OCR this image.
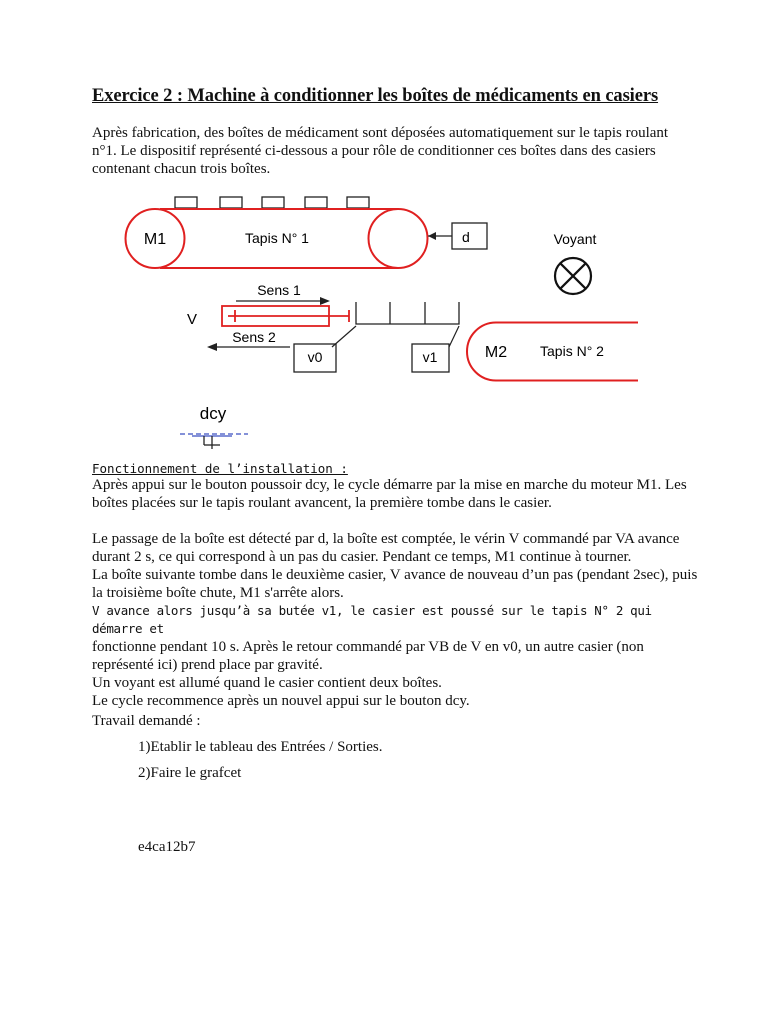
Exercice 2 : Machine à conditionner les boîtes de médicaments en casiers
Après fabrication, des boîtes de médicament sont déposées automatiquement sur le tapis roulant n°1. Le dispositif représenté ci-dessous a pour rôle de conditionner ces boîtes dans des casiers contenant chacun trois boîtes.
M1	Tapis N° 1	d	Voyant
Sens 1
V
Sens 2
v0	v1	M2 Tapis N° 2
dcy
Fonctionnement de l’installation :

Après appui sur le bouton poussoir dcy, le cycle démarre par la mise en marche du moteur M1. Les boîtes placées sur le tapis roulant avancent, la première tombe dans le casier.

Le passage de la boîte est détecté par d, la boîte est comptée, le vérin V commandé par VA avance durant 2 s, ce qui correspond à un pas du casier. Pendant ce temps, M1 continue à tourner.

La boîte suivante tombe dans le deuxième casier, V avance de nouveau d’un pas (pendant 2sec), puis la troisième boîte chute, M1 s'arrête alors.

V avance alors jusqu’à sa butée v1, le casier est poussé sur le tapis N° 2 qui démarre et

fonctionne pendant 10 s. Après le retour commandé par VB de V en v0, un autre casier (non représenté ici) prend place par gravité.

Un voyant est allumé quand le casier contient deux boîtes.

Le cycle recommence après un nouvel appui sur le bouton dcy.

Travail demandé :
1)Etablir le tableau des Entrées / Sorties.
2)Faire le grafcet
e4ca12b7
